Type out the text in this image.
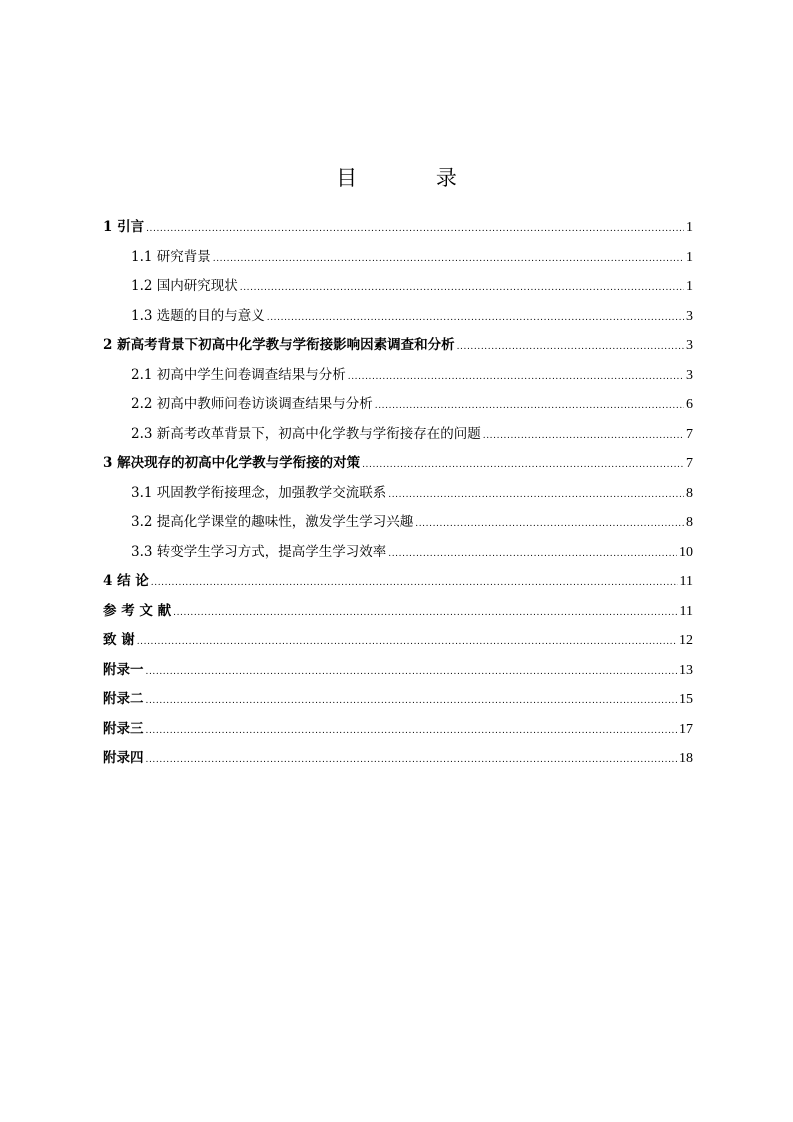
目 录
1 引言 .....	1
1.1 研究背景 .....	1
1.2 国内研究现状 .....	1
1.3 选题的目的与意义 .....	3
2 新高考背景下初高中化学教与学衔接影响因素调查和分析 .....	3
2.1 初高中学生问卷调查结果与分析 .....	3
2.2 初高中教师问卷访谈调查结果与分析 .....	6
2.3 新高考改革背景下，初高中化学教与学衔接存在的问题 .....	7
3 解决现存的初高中化学教与学衔接的对策 .....	7
3.1 巩固教学衔接理念，加强教学交流联系 .....	8
3.2 提高化学课堂的趣味性，激发学生学习兴趣 .....	8
3.3 转变学生学习方式，提高学生学习效率 .....	10
4 结 论 .....	11
参 考 文 献 .....	11
致 谢 .....	12
附录一 .....	13
附录二 .....	15
附录三 .....	17
附录四 .....	18
